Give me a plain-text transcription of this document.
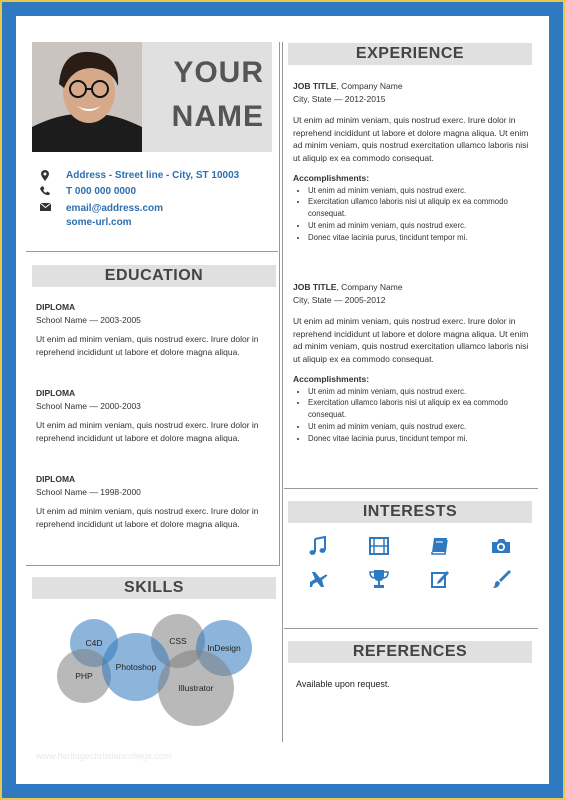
YOUR
NAME
Address - Street line - City, ST 10003
T 000 000 0000
email@address.com
some-url.com
EDUCATION
DIPLOMA
School Name — 2003-2005
Ut enim ad minim veniam, quis nostrud exerc. Irure dolor in reprehend incididunt ut labore et dolore magna aliqua.
DIPLOMA
School Name — 2000-2003
Ut enim ad minim veniam, quis nostrud exerc. Irure dolor in reprehend incididunt ut labore et dolore magna aliqua.
DIPLOMA
School Name — 1998-2000
Ut enim ad minim veniam, quis nostrud exerc. Irure dolor in reprehend incididunt ut labore et dolore magna aliqua.
SKILLS
C4D	CSS
InDesign
PHP
Photoshop
Illustrator
EXPERIENCE
JOB TITLE, Company Name
City, State — 2012-2015
Ut enim ad minim veniam, quis nostrud exerc. Irure dolor in reprehend incididunt ut labore et dolore magna aliqua. Ut enim ad minim veniam, quis nostrud exercitation ullamco laboris nisi ut aliquip ex ea commodo consequat.
Accomplishments:
• Ut enim ad minim veniam, quis nostrud exerc.
• Exercitation ullamco laboris nisi ut aliquip ex ea commodo consequat.
• Ut enim ad minim veniam, quis nostrud exerc.
• Donec vitae lacinia purus, tincidunt tempor mi.
JOB TITLE, Company Name
City, State — 2005-2012
Ut enim ad minim veniam, quis nostrud exerc. Irure dolor in reprehend incididunt ut labore et dolore magna aliqua. Ut enim ad minim veniam, quis nostrud exercitation ullamco laboris nisi ut aliquip ex ea commodo consequat.
Accomplishments:
• Ut enim ad minim veniam, quis nostrud exerc.
• Exercitation ullamco laboris nisi ut aliquip ex ea commodo consequat.
• Ut enim ad minim veniam, quis nostrud exerc.
• Donec vitae lacinia purus, tincidunt tempor mi.
INTERESTS
REFERENCES
Available upon request.
www.heritagechristiancollege.com
